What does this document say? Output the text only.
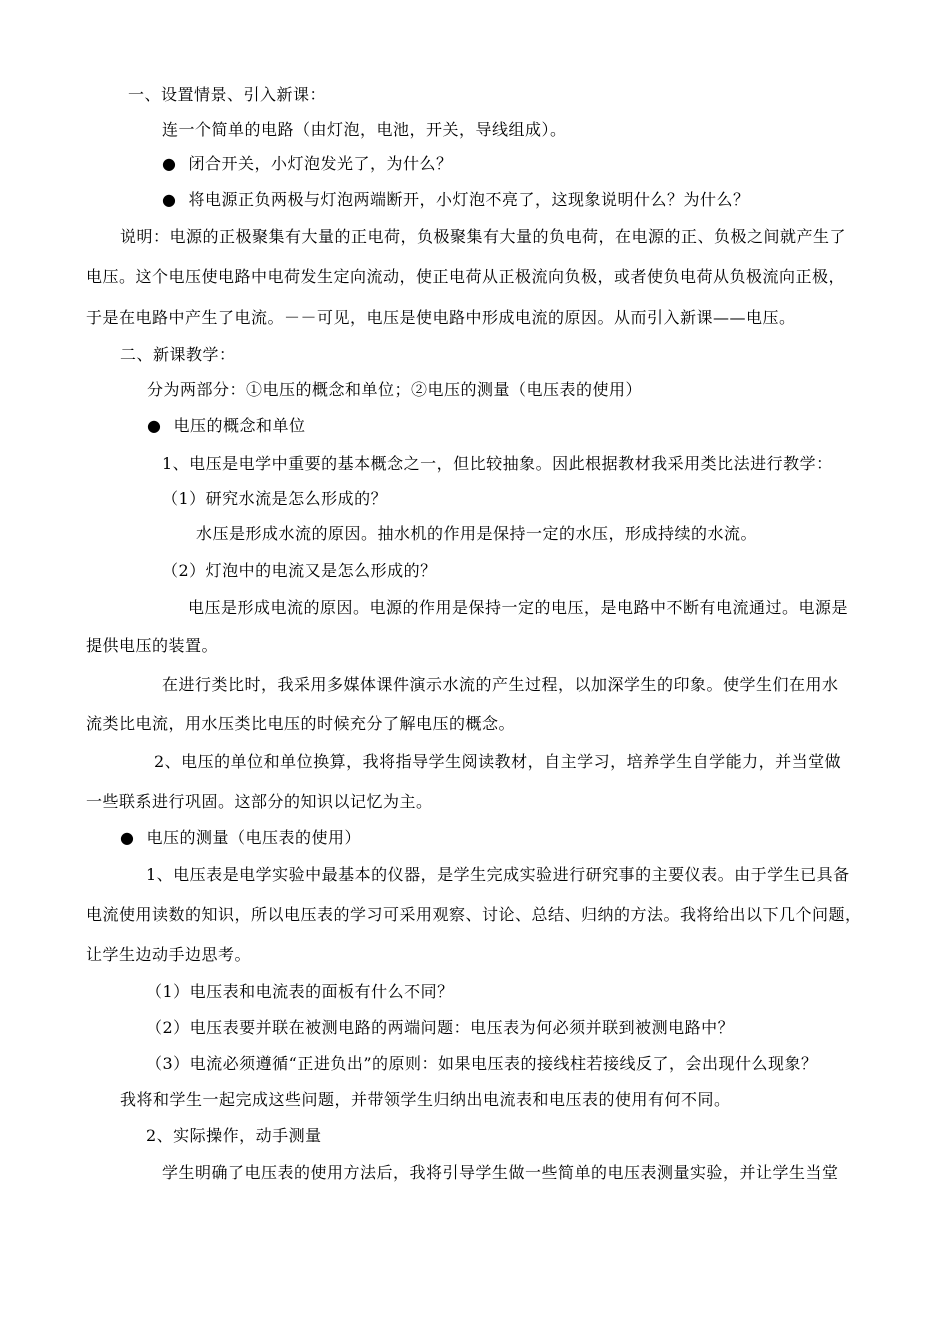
一、设置情景、引入新课：
连一个简单的电路（由灯泡，电池，开关，导线组成）。
● 闭合开关，小灯泡发光了，为什么？
● 将电源正负两极与灯泡两端断开，小灯泡不亮了，这现象说明什么？为什么？
说明：电源的正极聚集有大量的正电荷，负极聚集有大量的负电荷，在电源的正、负极之间就产生了
电压。这个电压使电路中电荷发生定向流动，使正电荷从正极流向负极，或者使负电荷从负极流向正极，
于是在电路中产生了电流。－－可见，电压是使电路中形成电流的原因。从而引入新课——电压。
二、新课教学：
分为两部分：①电压的概念和单位；②电压的测量（电压表的使用）
● 电压的概念和单位
1、电压是电学中重要的基本概念之一，但比较抽象。因此根据教材我采用类比法进行教学：
（1）研究水流是怎么形成的？
水压是形成水流的原因。抽水机的作用是保持一定的水压，形成持续的水流。
（2）灯泡中的电流又是怎么形成的？
电压是形成电流的原因。电源的作用是保持一定的电压，是电路中不断有电流通过。电源是
提供电压的装置。
在进行类比时，我采用多媒体课件演示水流的产生过程，以加深学生的印象。使学生们在用水
流类比电流，用水压类比电压的时候充分了解电压的概念。
2、电压的单位和单位换算，我将指导学生阅读教材，自主学习，培养学生自学能力，并当堂做
一些联系进行巩固。这部分的知识以记忆为主。
● 电压的测量（电压表的使用）
1、电压表是电学实验中最基本的仪器，是学生完成实验进行研究事的主要仪表。由于学生已具备
电流使用读数的知识，所以电压表的学习可采用观察、讨论、总结、归纳的方法。我将给出以下几个问题，
让学生边动手边思考。
（1）电压表和电流表的面板有什么不同？
（2）电压表要并联在被测电路的两端问题：电压表为何必须并联到被测电路中？
（3）电流必须遵循“正进负出”的原则：如果电压表的接线柱若接线反了，会出现什么现象？
我将和学生一起完成这些问题，并带领学生归纳出电流表和电压表的使用有何不同。
2、实际操作，动手测量
学生明确了电压表的使用方法后，我将引导学生做一些简单的电压表测量实验，并让学生当堂
